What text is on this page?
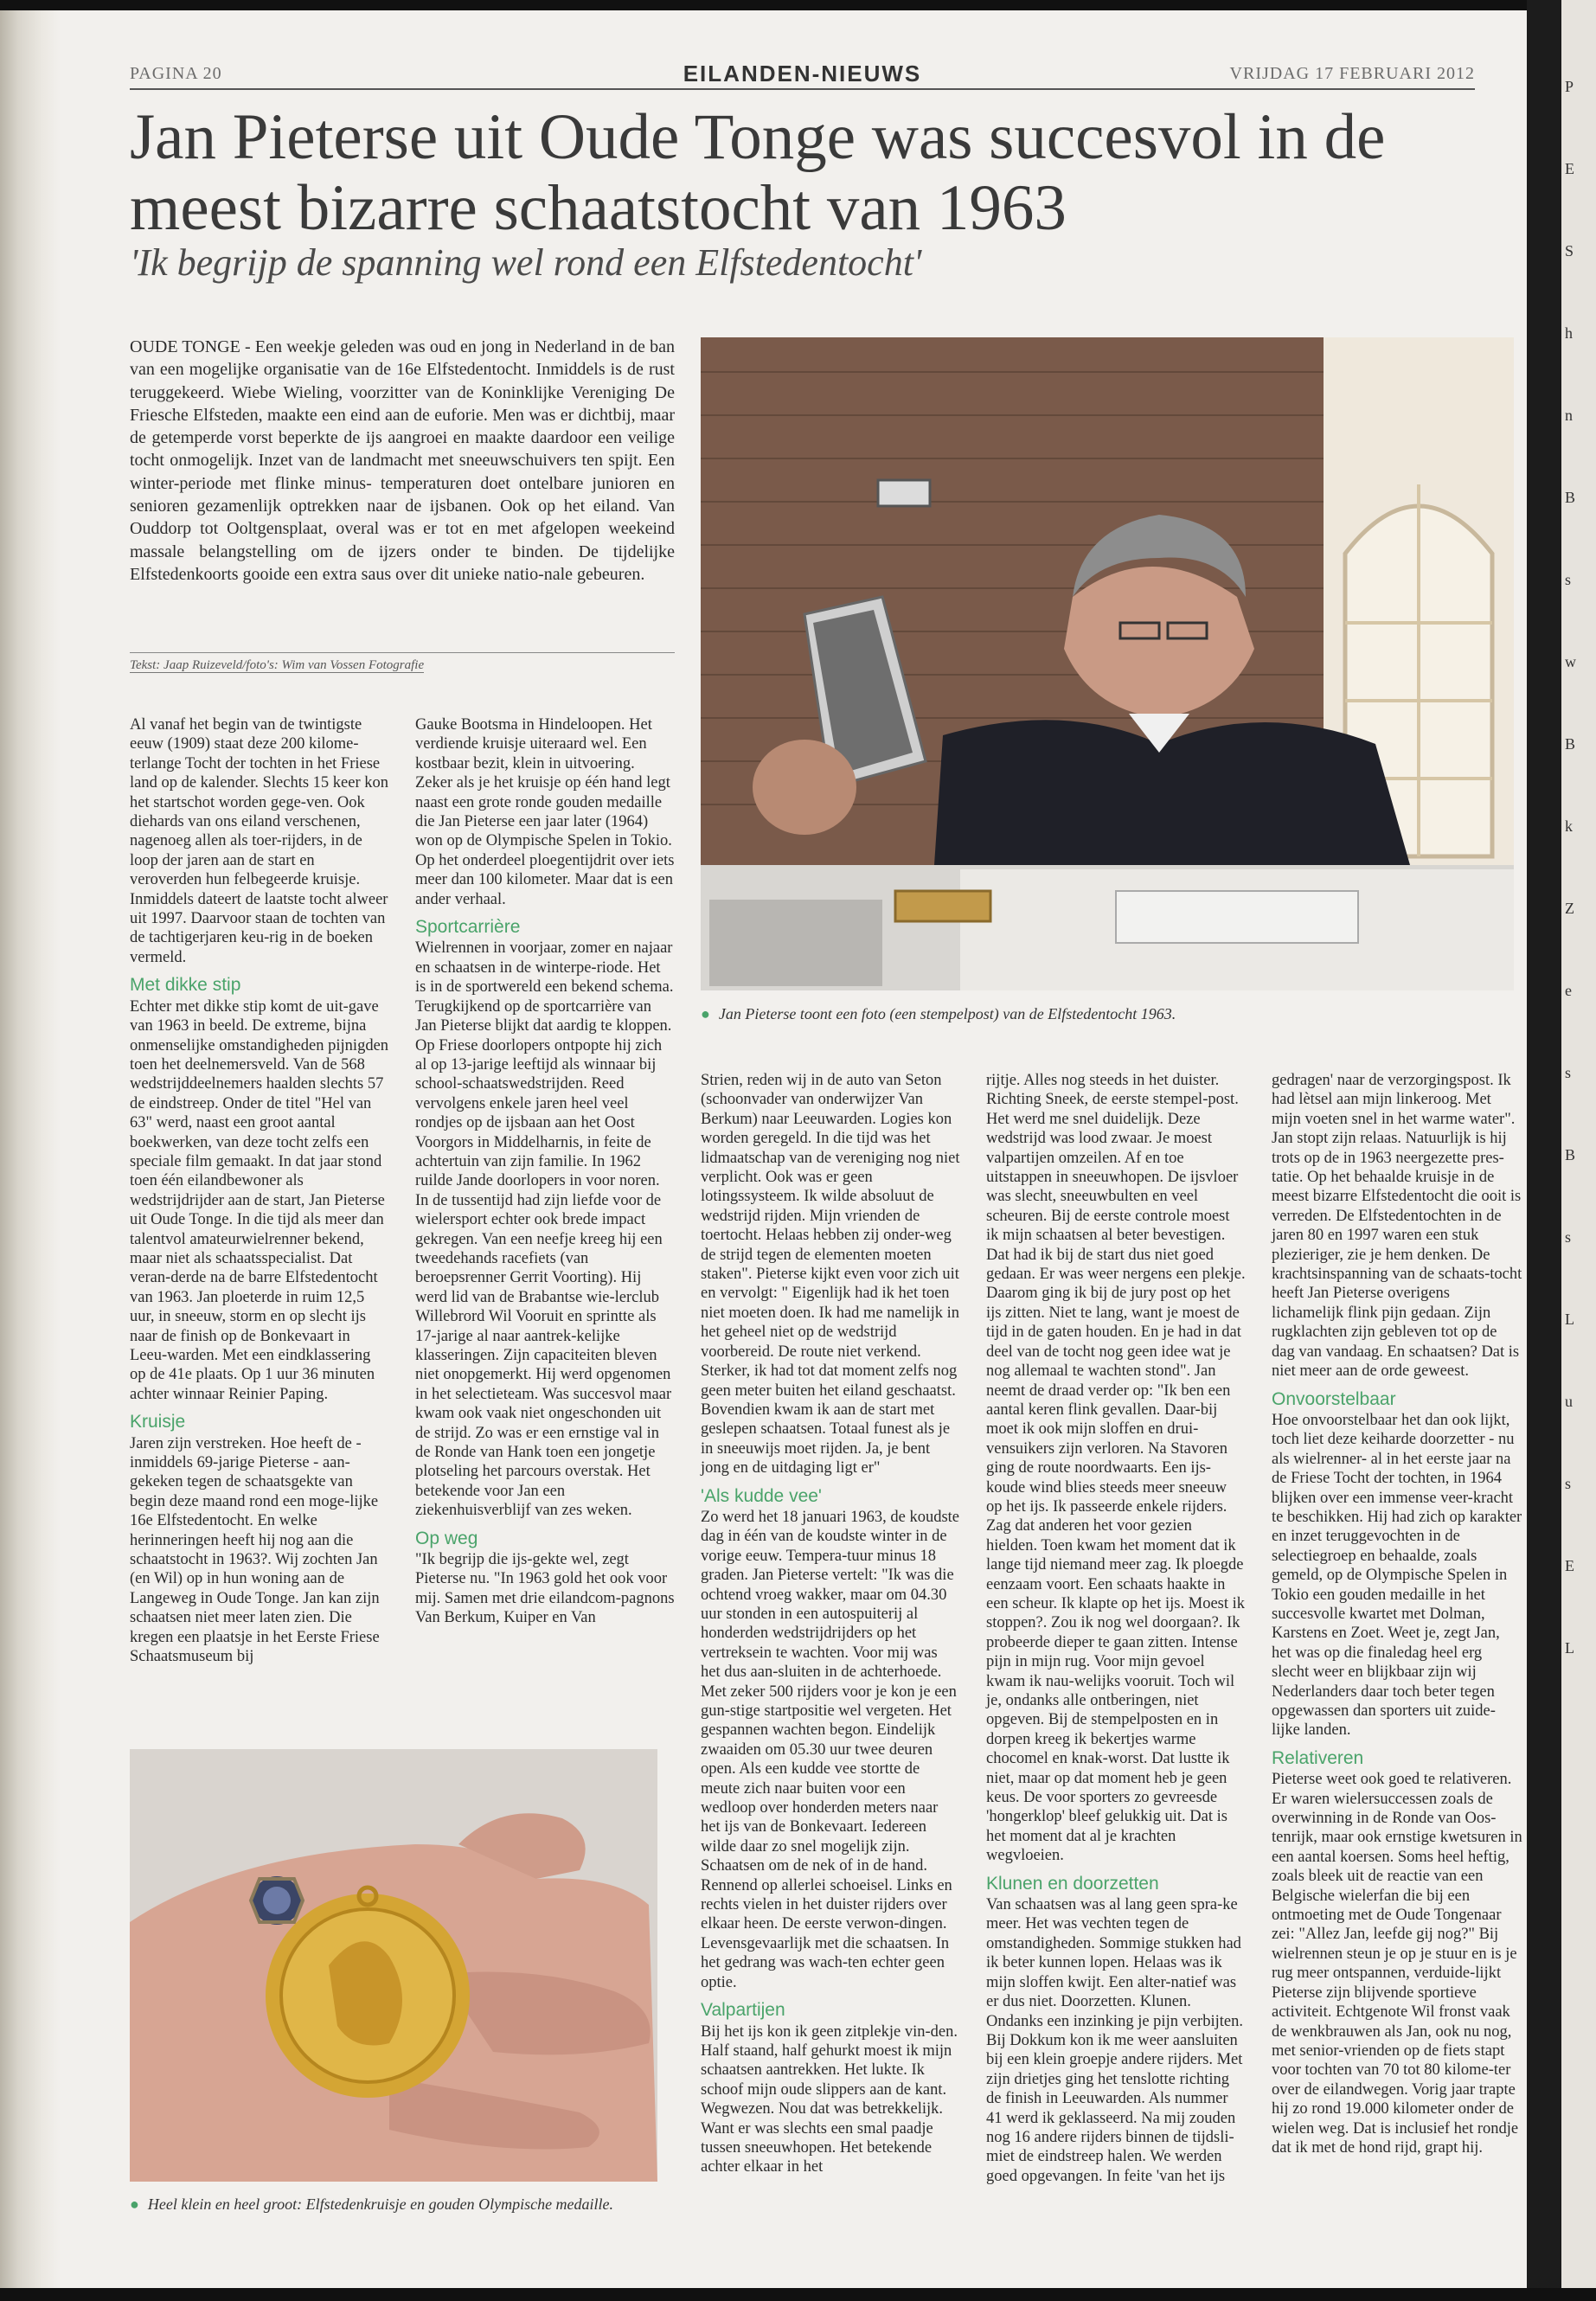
P
E
S
h
n
B
s
w
B
k
Z
e
s
B
s
L
u
s
E
L
PAGINA 20	EILANDEN-NIEUWS	VRIJDAG 17 FEBRUARI 2012
Jan Pieterse uit Oude Tonge was succesvol in de meest bizarre schaatstocht van 1963
'Ik begrijp de spanning wel rond een Elfstedentocht'
OUDE TONGE - Een weekje geleden was oud en jong in Nederland in de ban van een mogelijke organisatie van de 16e Elfstedentocht. Inmiddels is de rust teruggekeerd. Wiebe Wieling, voorzitter van de Koninklijke Vereniging De Friesche Elfsteden, maakte een eind aan de euforie. Men was er dichtbij, maar de getemperde vorst beperkte de ijs aangroei en maakte daardoor een veilige tocht onmogelijk. Inzet van de landmacht met sneeuwschuivers ten spijt. Een winter-periode met flinke minus- temperaturen doet ontelbare junioren en senioren gezamenlijk optrekken naar de ijsbanen. Ook op het eiland. Van Ouddorp tot Ooltgensplaat, overal was er tot en met afgelopen weekeind massale belangstelling om de ijzers onder te binden. De tijdelijke Elfstedenkoorts gooide een extra saus over dit unieke natio-nale gebeuren.
Tekst: Jaap Ruizeveld/foto's: Wim van Vossen Fotografie
● Jan Pieterse toont een foto (een stempelpost) van de Elfstedentocht 1963.
● Heel klein en heel groot: Elfstedenkruisje en gouden Olympische medaille.

Al vanaf het begin van de twintigste eeuw (1909) staat deze 200 kilome-terlange Tocht der tochten in het Friese land op de kalender. Slechts 15 keer kon het startschot worden gege-ven. Ook diehards van ons eiland verschenen, nagenoeg allen als toer-rijders, in de loop der jaren aan de start en veroverden hun felbegeerde kruisje. Inmiddels dateert de laatste tocht alweer uit 1997. Daarvoor staan de tochten van de tachtigerjaren keu-rig in de boeken vermeld.

Met dikke stip

Echter met dikke stip komt de uit-gave van 1963 in beeld. De extreme, bijna onmenselijke omstandigheden pijnigden toen het deelnemersveld. Van de 568 wedstrijddeelnemers haalden slechts 57 de eindstreep. Onder de titel "Hel van 63" werd, naast een groot aantal boekwerken, van deze tocht zelfs een speciale film gemaakt. In dat jaar stond toen één eilandbewoner als wedstrijdrijder aan de start, Jan Pieterse uit Oude Tonge. In die tijd als meer dan talentvol amateurwielrenner bekend, maar niet als schaatsspecialist. Dat veran-derde na de barre Elfstedentocht van 1963. Jan ploeterde in ruim 12,5 uur, in sneeuw, storm en op slecht ijs naar de finish op de Bonkevaart in Leeu-warden. Met een eindklassering op de 41e plaats. Op 1 uur 36 minuten achter winnaar Reinier Paping.

Kruisje

Jaren zijn verstreken. Hoe heeft de - inmiddels 69-jarige Pieterse - aan-gekeken tegen de schaatsgekte van begin deze maand rond een moge-lijke 16e Elfstedentocht. En welke herinneringen heeft hij nog aan die schaatstocht in 1963?. Wij zochten Jan (en Wil) op in hun woning aan de Langeweg in Oude Tonge. Jan kan zijn schaatsen niet meer laten zien. Die kregen een plaatsje in het Eerste Friese Schaatsmuseum bij

Gauke Bootsma in Hindeloopen. Het verdiende kruisje uiteraard wel. Een kostbaar bezit, klein in uitvoering. Zeker als je het kruisje op één hand legt naast een grote ronde gouden medaille die Jan Pieterse een jaar later (1964) won op de Olympische Spelen in Tokio. Op het onderdeel ploegentijdrit over iets meer dan 100 kilometer. Maar dat is een ander verhaal.

Sportcarrière

Wielrennen in voorjaar, zomer en najaar en schaatsen in de winterpe-riode. Het is in de sportwereld een bekend schema. Terugkijkend op de sportcarrière van Jan Pieterse blijkt dat aardig te kloppen. Op Friese doorlopers ontpopte hij zich al op 13-jarige leeftijd als winnaar bij school-schaatswedstrijden. Reed vervolgens enkele jaren heel veel rondjes op de ijsbaan aan het Oost Voorgors in Middelharnis, in feite de achtertuin van zijn familie. In 1962 ruilde Jande doorlopers in voor noren. In de tussentijd had zijn liefde voor de wielersport echter ook brede impact gekregen. Van een neefje kreeg hij een tweedehands racefiets (van beroepsrenner Gerrit Voorting). Hij werd lid van de Brabantse wie-lerclub Willebrord Wil Vooruit en sprintte als 17-jarige al naar aantrek-kelijke klasseringen. Zijn capaciteiten bleven niet onopgemerkt. Hij werd opgenomen in het selectieteam. Was succesvol maar kwam ook vaak niet ongeschonden uit de strijd. Zo was er een ernstige val in de Ronde van Hank toen een jongetje plotseling het parcours overstak. Het betekende voor Jan een ziekenhuisverblijf van zes weken.

Op weg

"Ik begrijp die ijs-gekte wel, zegt Pieterse nu. "In 1963 gold het ook voor mij. Samen met drie eilandcom-pagnons Van Berkum, Kuiper en Van

Strien, reden wij in de auto van Seton (schoonvader van onderwijzer Van Berkum) naar Leeuwarden. Logies kon worden geregeld. In die tijd was het lidmaatschap van de vereniging nog niet verplicht. Ook was er geen lotingssysteem. Ik wilde absoluut de wedstrijd rijden. Mijn vrienden de toertocht. Helaas hebben zij onder-weg de strijd tegen de elementen moeten staken". Pieterse kijkt even voor zich uit en vervolgt: " Eigenlijk had ik het toen niet moeten doen. Ik had me namelijk in het geheel niet op de wedstrijd voorbereid. De route niet verkend. Sterker, ik had tot dat moment zelfs nog geen meter buiten het eiland geschaatst. Bovendien kwam ik aan de start met geslepen schaatsen. Totaal funest als je in sneeuwijs moet rijden. Ja, je bent jong en de uitdaging ligt er"

'Als kudde vee'

Zo werd het 18 januari 1963, de koudste dag in één van de koudste winter in de vorige eeuw. Tempera-tuur minus 18 graden. Jan Pieterse vertelt: "Ik was die ochtend vroeg wakker, maar om 04.30 uur stonden in een autospuiterij al honderden wedstrijdrijders op het vertreksein te wachten. Voor mij was het dus aan-sluiten in de achterhoede. Met zeker 500 rijders voor je kon je een gun-stige startpositie wel vergeten. Het gespannen wachten begon. Eindelijk zwaaiden om 05.30 uur twee deuren open. Als een kudde vee stortte de meute zich naar buiten voor een wedloop over honderden meters naar het ijs van de Bonkevaart. Iedereen wilde daar zo snel mogelijk zijn. Schaatsen om de nek of in de hand. Rennend op allerlei schoeisel. Links en rechts vielen in het duister rijders over elkaar heen. De eerste verwon-dingen. Levensgevaarlijk met die schaatsen. In het gedrang was wach-ten echter geen optie.

Valpartijen

Bij het ijs kon ik geen zitplekje vin-den. Half staand, half gehurkt moest ik mijn schaatsen aantrekken. Het lukte. Ik schoof mijn oude slippers aan de kant. Wegwezen. Nou dat was betrekkelijk. Want er was slechts een smal paadje tussen sneeuwhopen. Het betekende achter elkaar in het

rijtje. Alles nog steeds in het duister. Richting Sneek, de eerste stempel-post. Het werd me snel duidelijk. Deze wedstrijd was lood zwaar. Je moest valpartijen omzeilen. Af en toe uitstappen in sneeuwhopen. De ijsvloer was slecht, sneeuwbulten en veel scheuren. Bij de eerste controle moest ik mijn schaatsen al beter bevestigen. Dat had ik bij de start dus niet goed gedaan. Er was weer nergens een plekje. Daarom ging ik bij de jury post op het ijs zitten. Niet te lang, want je moest de tijd in de gaten houden. En je had in dat deel van de tocht nog geen idee wat je nog allemaal te wachten stond". Jan neemt de draad verder op: "Ik ben een aantal keren flink gevallen. Daar-bij moet ik ook mijn sloffen en drui-vensuikers zijn verloren. Na Stavoren ging de route noordwaarts. Een ijs-koude wind blies steeds meer sneeuw op het ijs. Ik passeerde enkele rijders. Zag dat anderen het voor gezien hielden. Toen kwam het moment dat ik lange tijd niemand meer zag. Ik ploegde eenzaam voort. Een schaats haakte in een scheur. Ik klapte op het ijs. Moest ik stoppen?. Zou ik nog wel doorgaan?. Ik probeerde dieper te gaan zitten. Intense pijn in mijn rug. Voor mijn gevoel kwam ik nau-welijks vooruit. Toch wil je, ondanks alle ontberingen, niet opgeven. Bij de stempelposten en in dorpen kreeg ik bekertjes warme chocomel en knak-worst. Dat lustte ik niet, maar op dat moment heb je geen keus. De voor sporters zo gevreesde 'hongerklop' bleef gelukkig uit. Dat is het moment dat al je krachten wegvloeien.

Klunen en doorzetten

Van schaatsen was al lang geen spra-ke meer. Het was vechten tegen de omstandigheden. Sommige stukken had ik beter kunnen lopen. Helaas was ik mijn sloffen kwijt. Een alter-natief was er dus niet. Doorzetten. Klunen. Ondanks een inzinking je pijn verbijten. Bij Dokkum kon ik me weer aansluiten bij een klein groepje andere rijders. Met zijn drietjes ging het tenslotte richting de finish in Leeuwarden. Als nummer 41 werd ik geklasseerd. Na mij zouden nog 16 andere rijders binnen de tijdsli-miet de eindstreep halen. We werden goed opgevangen. In feite 'van het ijs

gedragen' naar de verzorgingspost. Ik had lètsel aan mijn linkeroog. Met mijn voeten snel in het warme water". Jan stopt zijn relaas. Natuurlijk is hij trots op de in 1963 neergezette pres-tatie. Op het behaalde kruisje in de meest bizarre Elfstedentocht die ooit is verreden. De Elfstedentochten in de jaren 80 en 1997 waren een stuk plezieriger, zie je hem denken. De krachtsinspanning van de schaats-tocht heeft Jan Pieterse overigens lichamelijk flink pijn gedaan. Zijn rugklachten zijn gebleven tot op de dag van vandaag. En schaatsen? Dat is niet meer aan de orde geweest.

Onvoorstelbaar

Hoe onvoorstelbaar het dan ook lijkt, toch liet deze keiharde doorzetter - nu als wielrenner- al in het eerste jaar na de Friese Tocht der tochten, in 1964 blijken over een immense veer-kracht te beschikken. Hij had zich op karakter en inzet teruggevochten in de selectiegroep en behaalde, zoals gemeld, op de Olympische Spelen in Tokio een gouden medaille in het succesvolle kwartet met Dolman, Karstens en Zoet. Weet je, zegt Jan, het was op die finaledag heel erg slecht weer en blijkbaar zijn wij Nederlanders daar toch beter tegen opgewassen dan sporters uit zuide-lijke landen.

Relativeren

Pieterse weet ook goed te relativeren. Er waren wielersuccessen zoals de overwinning in de Ronde van Oos-tenrijk, maar ook ernstige kwetsuren in een aantal koersen. Soms heel heftig, zoals bleek uit de reactie van een Belgische wielerfan die bij een ontmoeting met de Oude Tongenaar zei: "Allez Jan, leefde gij nog?" Bij wielrennen steun je op je stuur en is je rug meer ontspannen, verduide-lijkt Pieterse zijn blijvende sportieve activiteit. Echtgenote Wil fronst vaak de wenkbrauwen als Jan, ook nu nog, met senior-vrienden op de fiets stapt voor tochten van 70 tot 80 kilome-ter over de eilandwegen. Vorig jaar trapte hij zo rond 19.000 kilometer onder de wielen weg. Dat is inclusief het rondje dat ik met de hond rijd, grapt hij.
